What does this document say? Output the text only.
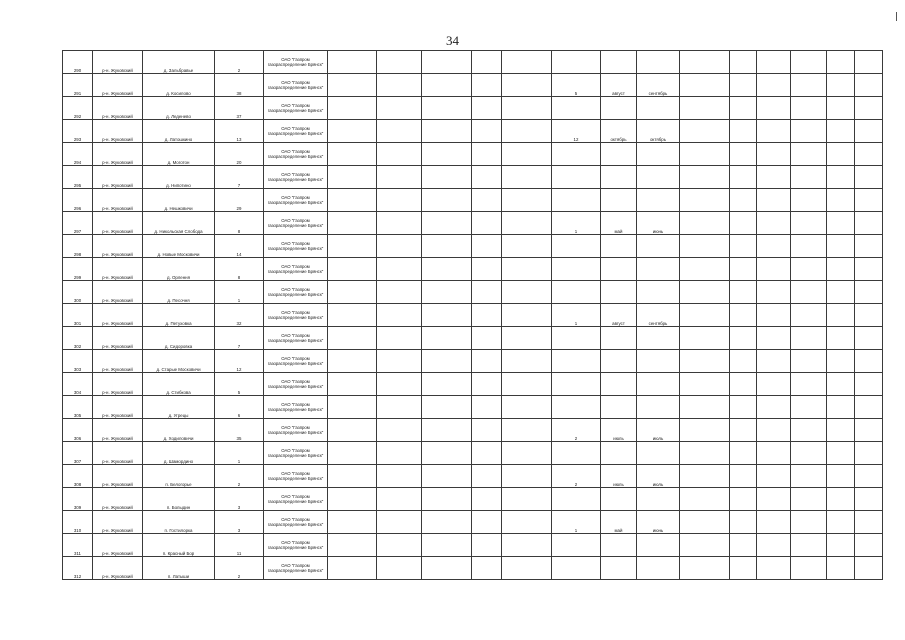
34
290	р-н. Жуковский	д. Зальбравье	2	ОАО "Газпром газораспределение Брянск"														
291	р-н. Жуковский	д. Косилово	38	ОАО "Газпром газораспределение Брянск"						5	август	сентябрь						
292	р-н. Жуковский	д. Леденево	37	ОАО "Газпром газораспределение Брянск"														
293	р-н. Жуковский	д. Латошкино	13	ОАО "Газпром газораспределение Брянск"						12	октябрь	октябрь						
294	р-н. Жуковский	д. Моготон	20	ОАО "Газпром газораспределение Брянск"														
295	р-н. Жуковский	д. Нипотино	7	ОАО "Газпром газораспределение Брянск"														
296	р-н. Жуковский	д. Нешковичи	29	ОАО "Газпром газораспределение Брянск"														
297	р-н. Жуковский	д. Никольская Слобода	8	ОАО "Газпром газораспределение Брянск"						1	май	июнь						
298	р-н. Жуковский	д. Новые Московичи	14	ОАО "Газпром газораспределение Брянск"														
299	р-н. Жуковский	д. Орлення	8	ОАО "Газпром газораспределение Брянск"														
300	р-н. Жуковский	д. Песочня	1	ОАО "Газпром газораспределение Брянск"														
301	р-н. Жуковский	д. Петуховка	32	ОАО "Газпром газораспределение Брянск"						1	август	сентябрь						
302	р-н. Жуковский	д. Сидоровка	7	ОАО "Газпром газораспределение Брянск"														
303	р-н. Жуковский	д. Старые Московичи	12	ОАО "Газпром газораспределение Брянск"														
304	р-н. Жуковский	д. Стибкова	5	ОАО "Газпром газораспределение Брянск"														
305	р-н. Жуковский	д. Угрецы	6	ОАО "Газпром газораспределение Брянск"														
306	р-н. Жуковский	д. Ходиловичи	35	ОАО "Газпром газораспределение Брянск"						2	июль	июль						
307	р-н. Жуковский	д. Шамордино	1	ОАО "Газпром газораспределение Брянск"														
308	р-н. Жуковский	п. Белогорье	2	ОАО "Газпром газораспределение Брянск"						2	июль	июль						
309	р-н. Жуковский	п. Болыдин	3	ОАО "Газпром газораспределение Брянск"														
310	р-н. Жуковский	п. Гостилорка	3	ОАО "Газпром газораспределение Брянск"						1	май	июнь						
311	р-н. Жуковский	п. Красный Бор	11	ОАО "Газпром газораспределение Брянск"														
312	р-н. Жуковский	п. Латыши	2	ОАО "Газпром газораспределение Брянск"														
